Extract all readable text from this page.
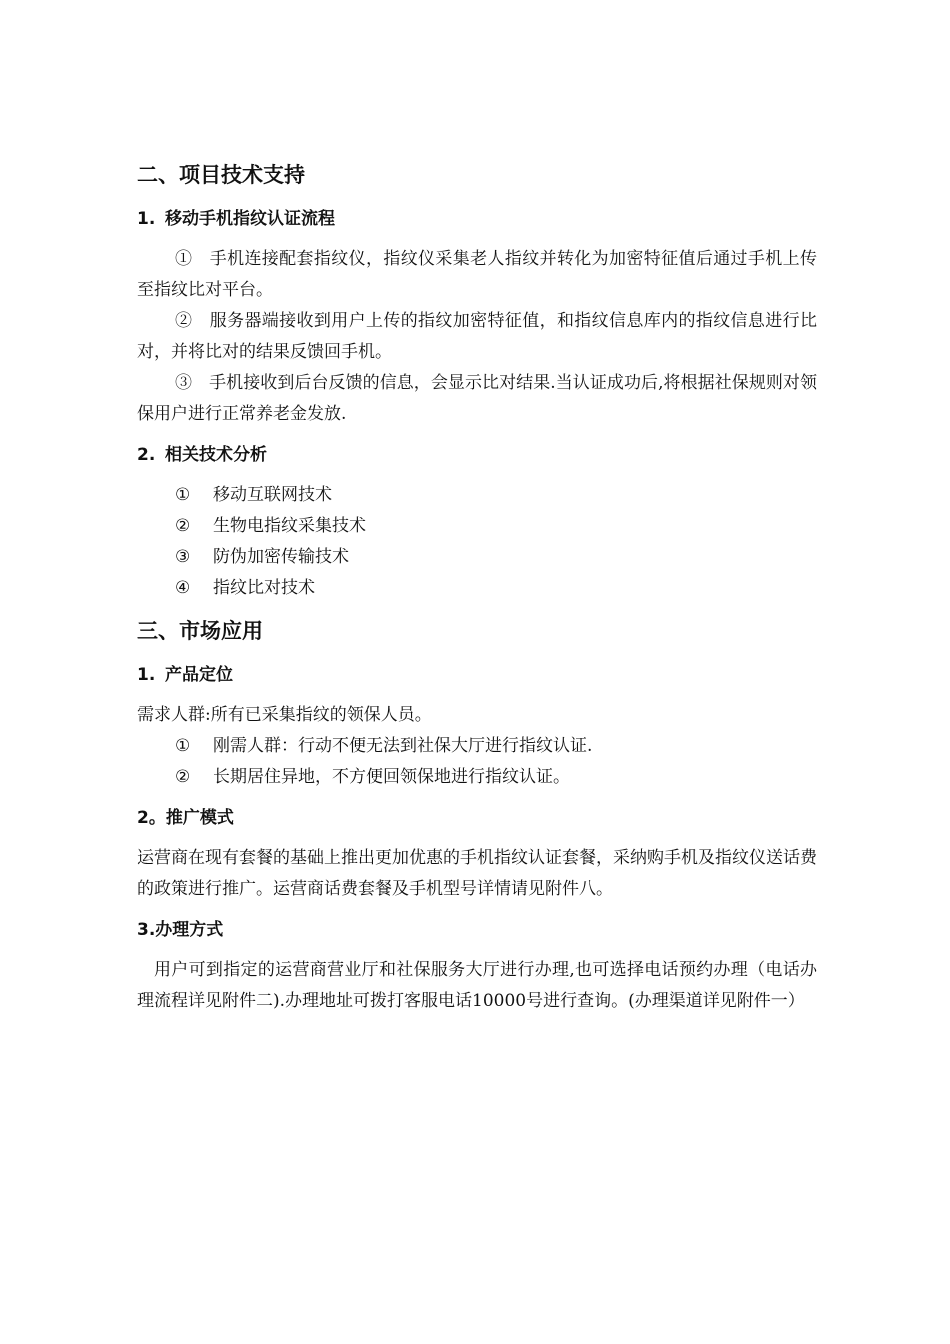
二、项目技术支持
1. 移动手机指纹认证流程

①　手机连接配套指纹仪，指纹仪采集老人指纹并转化为加密特征值后通过手机上传至指纹比对平台。

②　服务器端接收到用户上传的指纹加密特征值，和指纹信息库内的指纹信息进行比对，并将比对的结果反馈回手机。

③　手机接收到后台反馈的信息，会显示比对结果.当认证成功后,将根据社保规则对领保用户进行正常养老金发放.

2. 相关技术分析

① 移动互联网技术

② 生物电指纹采集技术

③ 防伪加密传输技术

④ 指纹比对技术

三、市场应用
1. 产品定位

需求人群:所有已采集指纹的领保人员。

① 刚需人群：行动不便无法到社保大厅进行指纹认证.

② 长期居住异地，不方便回领保地进行指纹认证。

2。推广模式

运营商在现有套餐的基础上推出更加优惠的手机指纹认证套餐，采纳购手机及指纹仪送话费的政策进行推广。运营商话费套餐及手机型号详情请见附件八。

3.办理方式

用户可到指定的运营商营业厅和社保服务大厅进行办理,也可选择电话预约办理（电话办理流程详见附件二).办理地址可拨打客服电话10000号进行查询。(办理渠道详见附件一）
